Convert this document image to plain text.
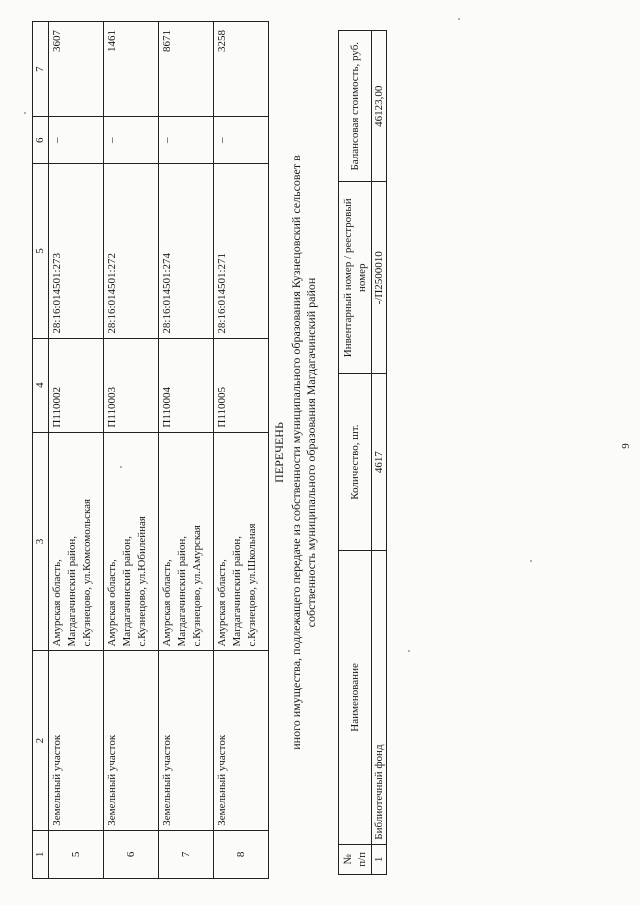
1	2	3	4	5	6	7
5	Земельный участок	Амурская область, Магдагачинский район, с.Кузнецово, ул.Комсомольская	П110002	28:16:014501:273	–	3607
6	Земельный участок	Амурская область, Магдагачинский район, с.Кузнецово, ул.Юбилейная	П110003	28:16:014501:272	–	1461
7	Земельный участок	Амурская область, Магдагачинский район, с.Кузнецово, ул.Амурская	П110004	28:16:014501:274	–	8671
8	Земельный участок	Амурская область, Магдагачинский район, с.Кузнецово, ул.Школьная	П110005	28:16:014501:271	–	3258
ПЕРЕЧЕНЬ иного имущества, подлежащего передаче из собственности муниципального образования Кузнецовский сельсовет в собственность муниципального образования Магдагачинский район
№ п/п	Наименование	Количество, шт.	Инвентарный номер / реестровый номер	Балансовая стоимость, руб.
1	Библиотечный фонд	4617	-/П2500010	46123,00
9
